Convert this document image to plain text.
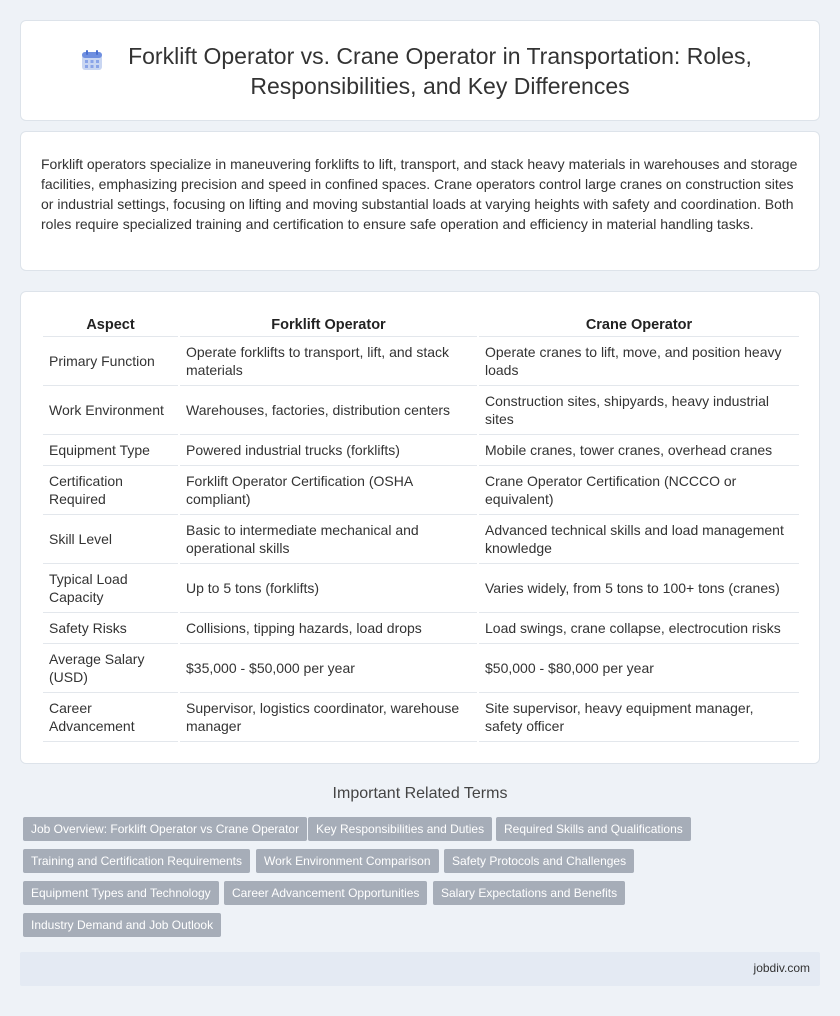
Forklift Operator vs. Crane Operator in Transportation: Roles, Responsibilities, and Key Differences

Forklift operators specialize in maneuvering forklifts to lift, transport, and stack heavy materials in warehouses and storage facilities, emphasizing precision and speed in confined spaces. Crane operators control large cranes on construction sites or industrial settings, focusing on lifting and moving substantial loads at varying heights with safety and coordination. Both roles require specialized training and certification to ensure safe operation and efficiency in material handling tasks.

Aspect	Forklift Operator	Crane Operator
Primary Function	Operate forklifts to transport, lift, and stack materials	Operate cranes to lift, move, and position heavy loads
Work Environment	Warehouses, factories, distribution centers	Construction sites, shipyards, heavy industrial sites
Equipment Type	Powered industrial trucks (forklifts)	Mobile cranes, tower cranes, overhead cranes
Certification Required	Forklift Operator Certification (OSHA compliant)	Crane Operator Certification (NCCCO or equivalent)
Skill Level	Basic to intermediate mechanical and operational skills	Advanced technical skills and load management knowledge
Typical Load Capacity	Up to 5 tons (forklifts)	Varies widely, from 5 tons to 100+ tons (cranes)
Safety Risks	Collisions, tipping hazards, load drops	Load swings, crane collapse, electrocution risks
Average Salary (USD)	$35,000 - $50,000 per year	$50,000 - $80,000 per year
Career Advancement	Supervisor, logistics coordinator, warehouse manager	Site supervisor, heavy equipment manager, safety officer
Important Related Terms
Job Overview: Forklift Operator vs Crane Operator	Key Responsibilities and Duties	Required Skills and Qualifications
Training and Certification Requirements	Work Environment Comparison	Safety Protocols and Challenges
Equipment Types and Technology	Career Advancement Opportunities	Salary Expectations and Benefits
Industry Demand and Job Outlook
jobdiv.com
